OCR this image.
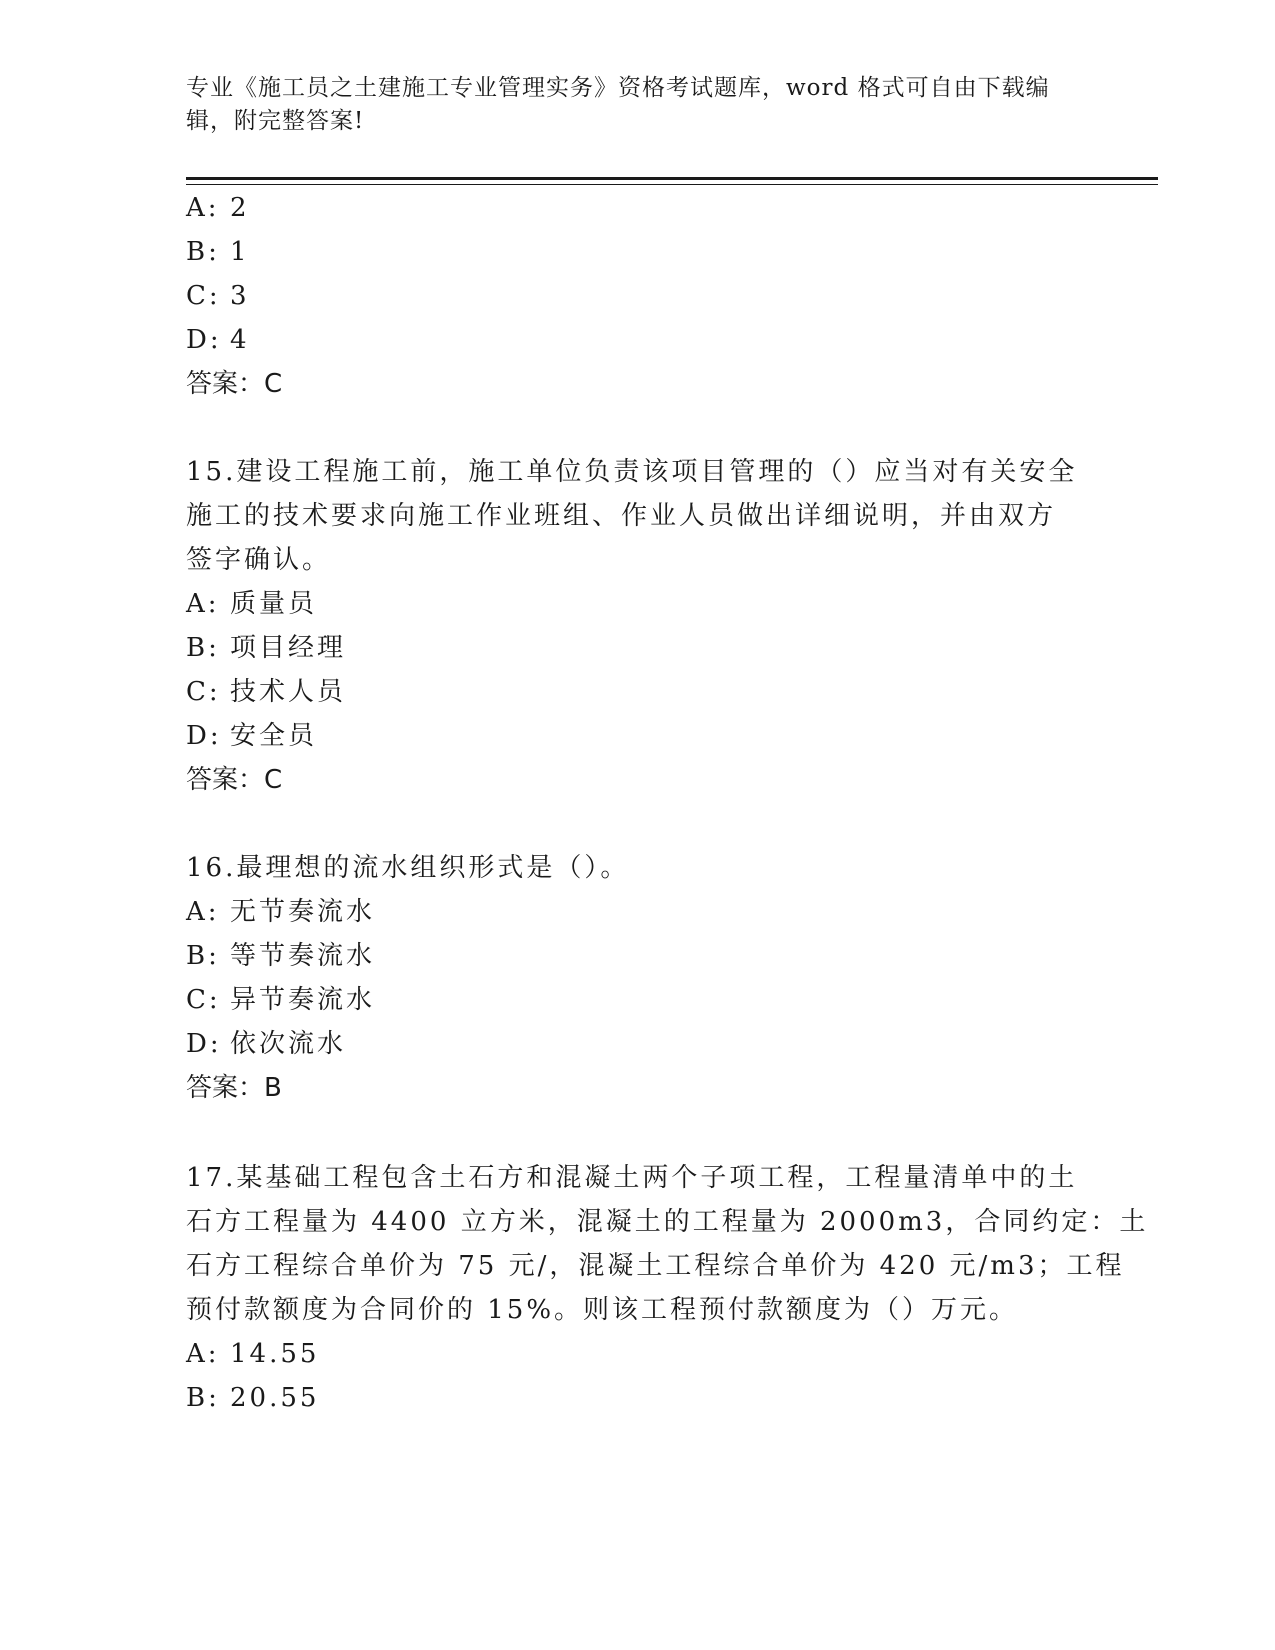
专业《施工员之土建施工专业管理实务》资格考试题库，word 格式可自由下载编
辑，附完整答案!
A: 2
B: 1
C: 3
D: 4
答案：C
15.建设工程施工前，施工单位负责该项目管理的（）应当对有关安全
施工的技术要求向施工作业班组、作业人员做出详细说明，并由双方
签字确认。
A: 质量员
B: 项目经理
C: 技术人员
D: 安全员
答案：C
16.最理想的流水组织形式是（）。
A: 无节奏流水
B: 等节奏流水
C: 异节奏流水
D: 依次流水
答案：B
17.某基础工程包含土石方和混凝土两个子项工程，工程量清单中的土
石方工程量为 4400 立方米，混凝土的工程量为 2000m3，合同约定：土
石方工程综合单价为 75 元/，混凝土工程综合单价为 420 元/m3；工程
预付款额度为合同价的 15%。则该工程预付款额度为（）万元。
A: 14.55
B: 20.55
